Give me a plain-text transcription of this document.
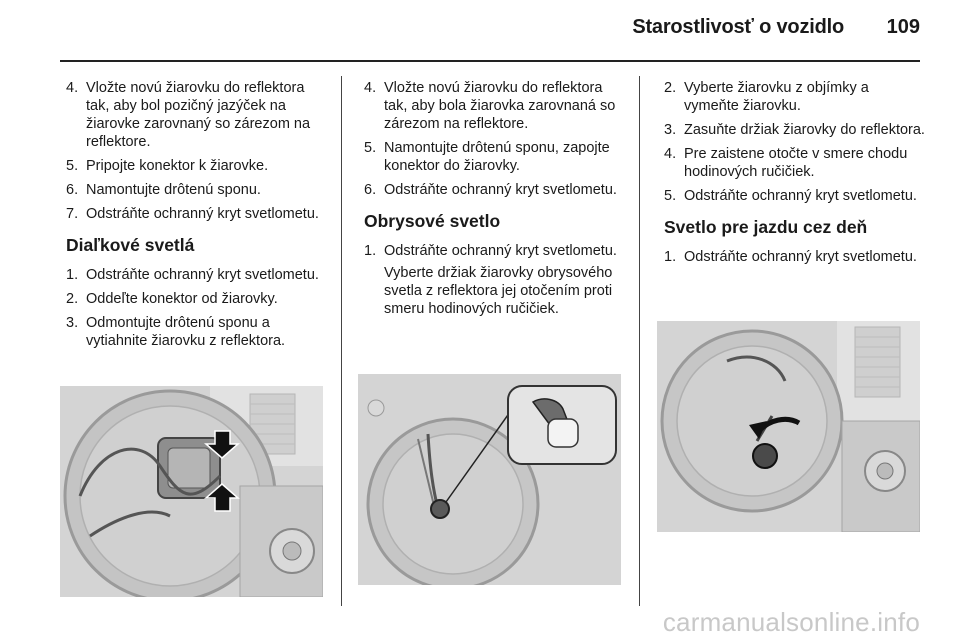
Starostlivosť o vozidlo 109
4. Vložte novú žiarovku do reflektora tak, aby bol pozičný jazýček na žiarovke zarovnaný so zárezom na reflektore.
5. Pripojte konektor k žiarovke.
6. Namontujte drôtenú sponu.
7. Odstráňte ochranný kryt svetlometu.
Diaľkové svetlá
1. Odstráňte ochranný kryt svetlometu.
2. Oddeľte konektor od žiarovky.
3. Odmontujte drôtenú sponu a vytiahnite žiarovku z reflektora.
4. Vložte novú žiarovku do reflektora tak, aby bola žiarovka zarovnaná so zárezom na reflektore.
5. Namontujte drôtenú sponu, zapojte konektor do žiarovky.
6. Odstráňte ochranný kryt svetlometu.
Obrysové svetlo
1. Odstráňte ochranný kryt svetlometu.
Vyberte držiak žiarovky obrysového svetla z reflektora jej otočením proti smeru hodinových ručičiek.
2. Vyberte žiarovku z objímky a vymeňte žiarovku.
3. Zasuňte držiak žiarovky do reflektora.
4. Pre zaistene otočte v smere chodu hodinových ručičiek.
5. Odstráňte ochranný kryt svetlometu.
Svetlo pre jazdu cez deň
1. Odstráňte ochranný kryt svetlometu.
carmanualsonline.info
